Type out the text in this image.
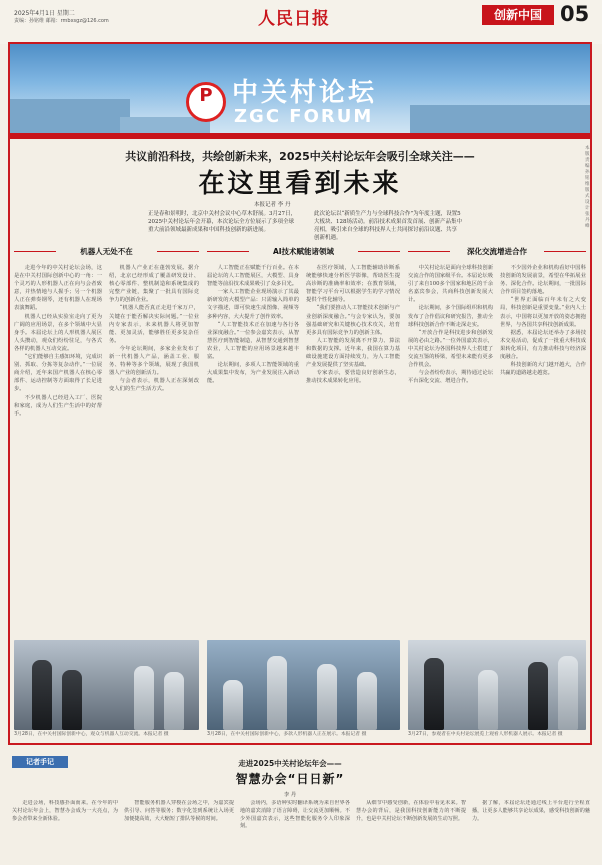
2025年4月1日 星期二
责编：孙铭维 邮箱：rmbxsgz@126.com	人民日报	创新中国 05
P 中关村论坛
ZGC FORUM
共议前沿科技，共绘创新未来，2025中关村论坛年会吸引全球关注——
在这里看到未来
本报记者 李 丹
正是春和景明时，北京中关村会议中心草木舒展。3月27日，2025中关村论坛年会开幕，本次论坛全方位展示了多项全球重大前沿领域最新成果和中国科技创新的新进展。
此次论坛以“新质生产力与全球科技合作”为年度主题，设置5大板块、128场活动。前沿技术成果首发首展、创新产品集中亮相，吸引来自全球的科技界人士共同探讨前沿议题、共享创新机遇。
机器人无处不在	AI技术赋能诸领域	深化交流增进合作

走进今年的中关村论坛会场，这是在中关村国际创新中心的一角：一个灵巧的人形机器人正在向与会者致意，并热情地与人握手；另一个机器人正在弹奏钢琴，还有机器人在现场表演舞蹈。

机器人已经从实验室走向了更为广阔的应用场景，在多个领域中大显身手。本届论坛上的人形机器人展区人头攒动，观众们纷纷驻足，与各式各样的机器人互动交流。

“它们能够自主感知环境，完成识别、抓取、分拣等复杂动作。”一位展商介绍，近年来国产机器人在核心零部件、运动控制等方面取得了长足进步。

不少机器人已经进入工厂、医院和家庭，成为人们生产生活中的好帮手。

机器人产业正在蓬勃发展。据介绍，北京已经形成了覆盖研发设计、核心零部件、整机制造和系统集成的完整产业链，集聚了一批具有国际竞争力的创新企业。

“机器人能否真正走进千家万户，关键在于能否解决实际问题。”一位业内专家表示，未来机器人将更加智能、更加灵活，能够胜任更多复杂任务。

今年论坛期间，多家企业发布了新一代机器人产品，涵盖工业、服务、特种等多个领域，展现了我国机器人产业的创新活力。

与会者表示，机器人正在深刻改变人们的生产生活方式。

人工智能正在赋能千行百业。在本届论坛的人工智能展区，大模型、具身智能等前沿技术成果吸引了众多目光。

一家人工智能企业现场演示了其最新研发的大模型产品：只需输入简单的文字描述，即可快速生成图像、视频等多种内容，大大提升了创作效率。

“人工智能技术正在加速与各行各业深度融合。”一位参会嘉宾表示，从智慧医疗到智能制造，从智慧交通到智慧农业，人工智能的应用场景越来越丰富。

论坛期间，多项人工智能领域的重大成果集中发布，为产业发展注入新动能。

在医疗领域，人工智能辅助诊断系统能够快速分析医学影像，帮助医生提高诊断的准确率和效率；在教育领域，智能学习平台可以根据学生的学习情况提供个性化辅导。

“我们要推动人工智能技术创新与产业创新深度融合。”与会专家认为，要加强基础研究和关键核心技术攻关，培育更多具有国际竞争力的创新主体。

人工智能的发展离不开算力、算法和数据的支撑。近年来，我国在算力基础设施建设方面持续发力，为人工智能产业发展提供了坚实基础。

专家表示，要营造良好创新生态，推动技术成果转化应用。

中关村论坛是面向全球科技创新交流合作的国家级平台。本届论坛吸引了来自100多个国家和地区的千余名嘉宾参会，共商科技创新发展大计。

论坛期间，多个国际组织和机构发布了合作倡议和研究报告，推动全球科技创新合作不断走深走实。

“开放合作是科技进步和创新发展的必由之路。”一位外国嘉宾表示，中关村论坛为各国科技界人士搭建了交流互鉴的桥梁，希望未来能有更多合作机会。

与会者纷纷表示，期待通过论坛平台深化交流、增进合作。

不少国外企业和机构看好中国科技创新的发展前景，希望在华拓展业务、深化合作。论坛期间，一批国际合作项目签约落地。

“世界正面临百年未有之大变局，科技创新是重要变量。”业内人士表示，中国将以更加开放的姿态拥抱世界，与各国共享科技创新成果。

据悉，本届论坛还举办了多场技术交易活动，促成了一批重大科技成果转化项目，有力推动科技与经济深度融合。

科技创新的大门越开越大，合作共赢的道路越走越宽。

3月28日，在中关村国际创新中心，观众与机器人互动交流。本报记者 摄	3月28日，在中关村国际创新中心，多款人形机器人正在展示。本报记者 摄	3月27日，参观者在中关村论坛展览上观看人形机器人展示。本报记者 摄
记者手记	走进2025中关村论坛年会——
智慧办会“日日新”
李 丹

走进会场，科技感扑面而来。在今年的中关村论坛年会上，智慧办会成为一大亮点，为参会者带来全新体验。

智能服务机器人穿梭在会场之中，为嘉宾提供引导、问答等服务；数字化签到系统让入场更加便捷高效，大大缩短了排队等候的时间。

会场内，多语种实时翻译系统为来自世界各地的嘉宾消除了语言障碍，让交流更加顺畅。不少外国嘉宾表示，这些智能化服务令人印象深刻。

从细节中感受创新，在体验中看见未来。智慧办会的背后，是我国科技创新能力的不断提升，也是中关村论坛不断创新发展的生动写照。

据了解，本届论坛还通过线上平台进行全程直播，让更多人能够共享论坛成果，感受科技创新的魅力。

本版责编：孙铭维 版式设计：张丹峰
